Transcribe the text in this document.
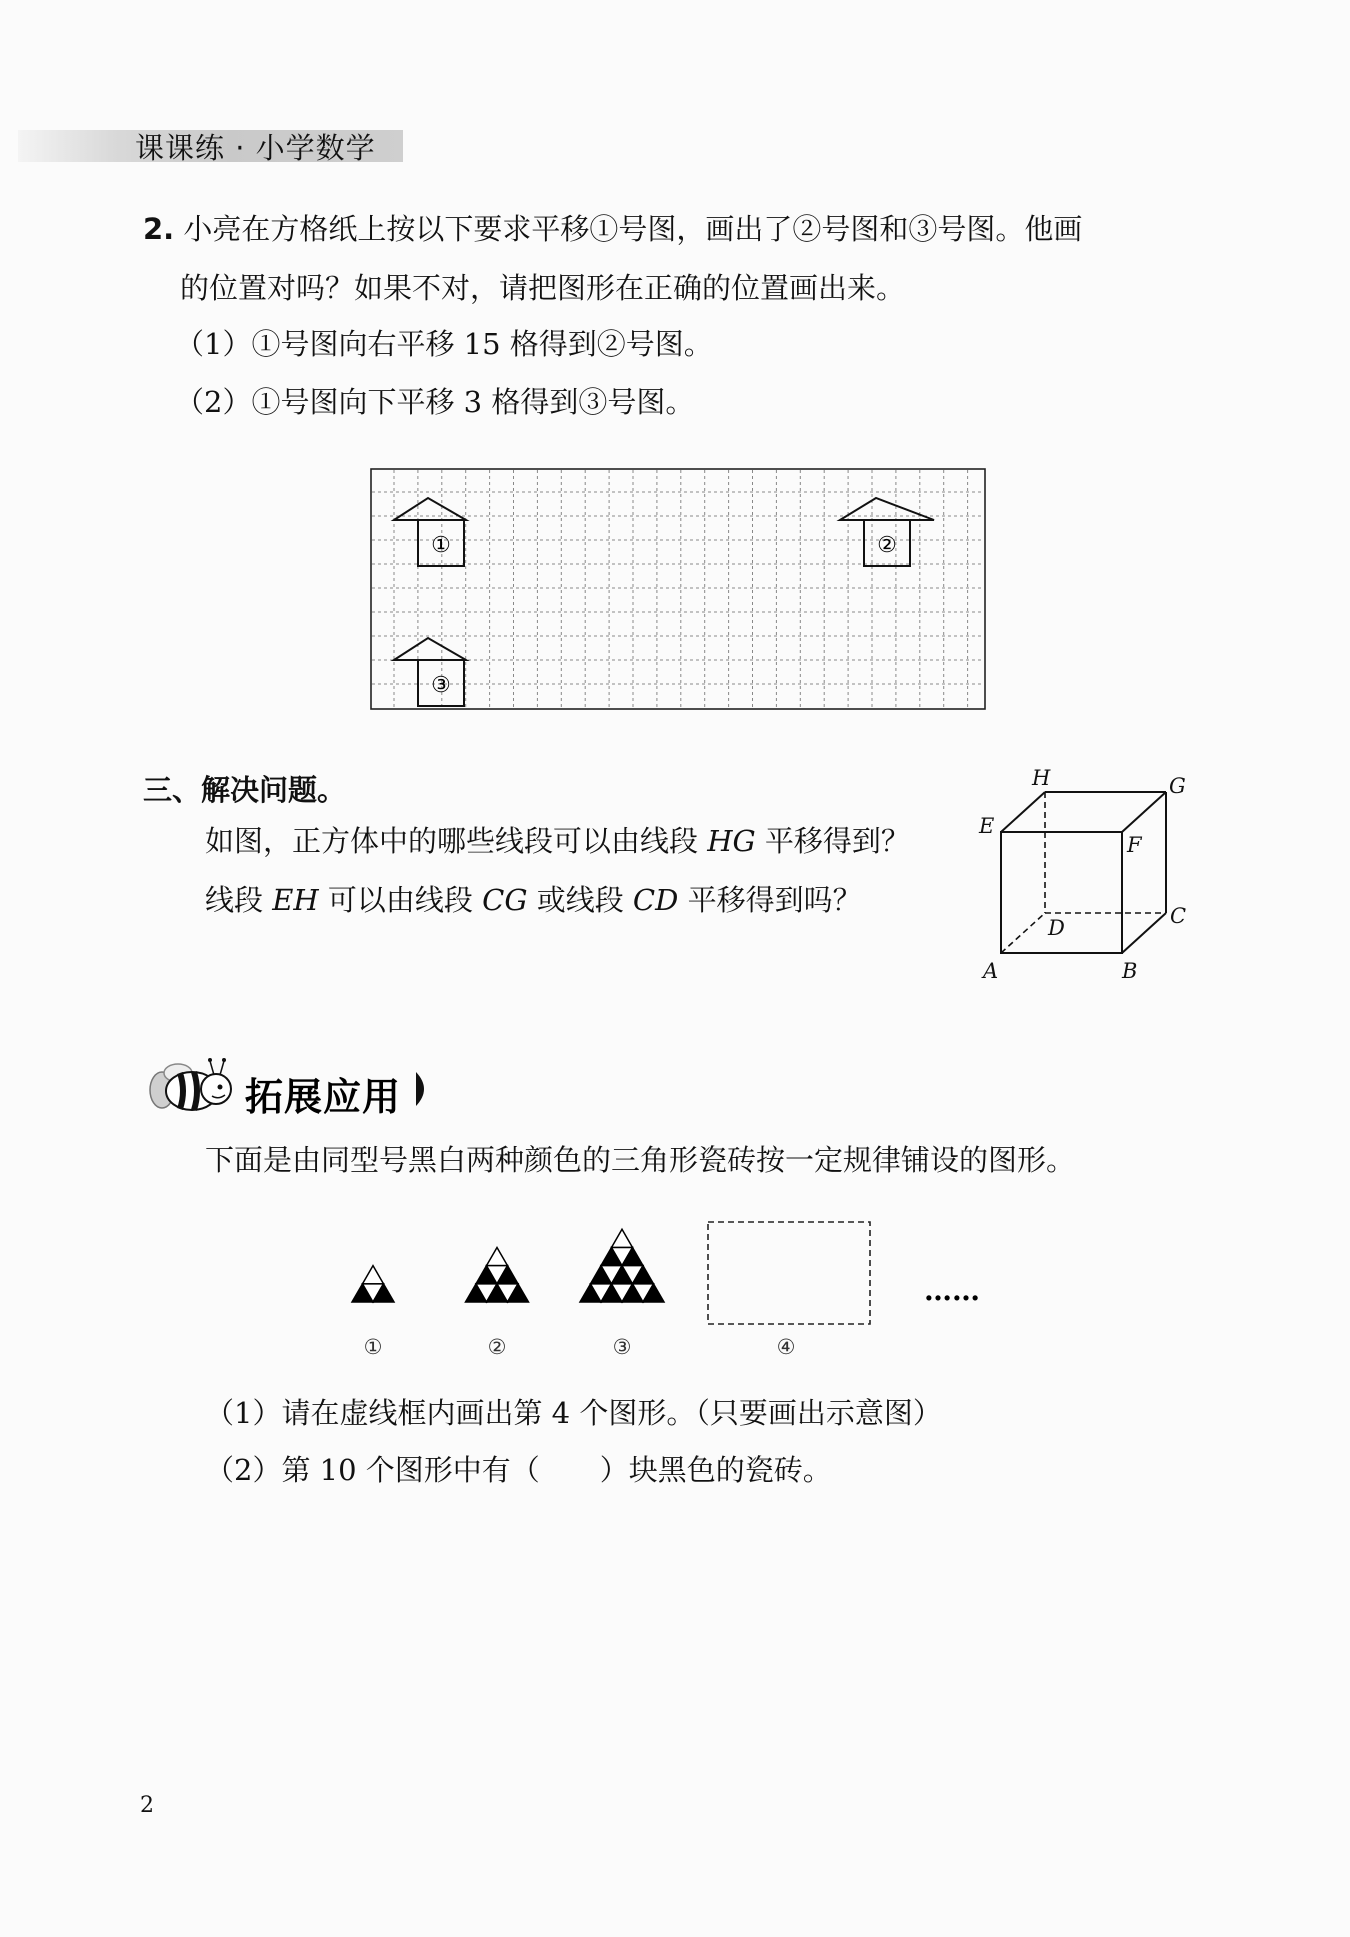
课课练 · 小学数学
2. 小亮在方格纸上按以下要求平移①号图，画出了②号图和③号图。他画
的位置对吗？如果不对，请把图形在正确的位置画出来。
（1）①号图向右平移 15 格得到②号图。
（2）①号图向下平移 3 格得到③号图。
①	②
③
三、解决问题。
如图，正方体中的哪些线段可以由线段 HG 平移得到？
线段 EH 可以由线段 CG 或线段 CD 平移得到吗？
H	G
E
F
D	C
A	B
拓展应用
下面是由同型号黑白两种颜色的三角形瓷砖按一定规律铺设的图形。
……
①	②	③	④
（1）请在虚线框内画出第 4 个图形。（只要画出示意图）
（2）第 10 个图形中有（ ）块黑色的瓷砖。
2
